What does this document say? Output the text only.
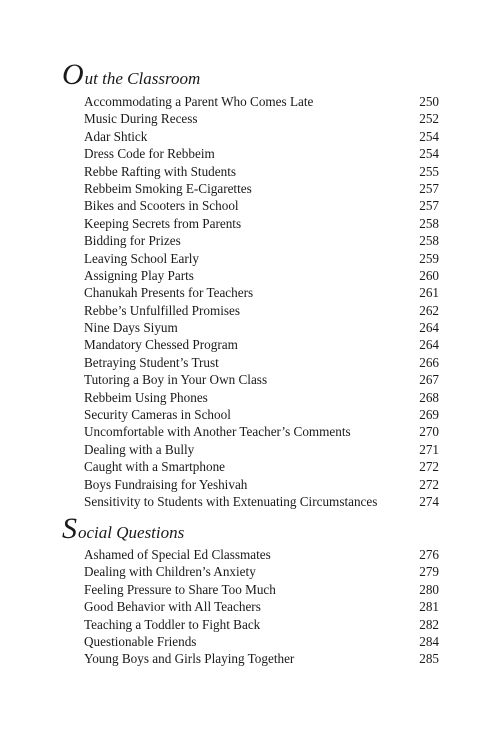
Out the Classroom
Accommodating a Parent Who Comes Late	250
Music During Recess	252
Adar Shtick	254
Dress Code for Rebbeim	254
Rebbe Rafting with Students	255
Rebbeim Smoking E-Cigarettes	257
Bikes and Scooters in School	257
Keeping Secrets from Parents	258
Bidding for Prizes	258
Leaving School Early	259
Assigning Play Parts	260
Chanukah Presents for Teachers	261
Rebbe’s Unfulfilled Promises	262
Nine Days Siyum	264
Mandatory Chessed Program	264
Betraying Student’s Trust	266
Tutoring a Boy in Your Own Class	267
Rebbeim Using Phones	268
Security Cameras in School	269
Uncomfortable with Another Teacher’s Comments	270
Dealing with a Bully	271
Caught with a Smartphone	272
Boys Fundraising for Yeshivah	272
Sensitivity to Students with Extenuating Circumstances	274
Social Questions
Ashamed of Special Ed Classmates	276
Dealing with Children’s Anxiety	279
Feeling Pressure to Share Too Much	280
Good Behavior with All Teachers	281
Teaching a Toddler to Fight Back	282
Questionable Friends	284
Young Boys and Girls Playing Together	285
